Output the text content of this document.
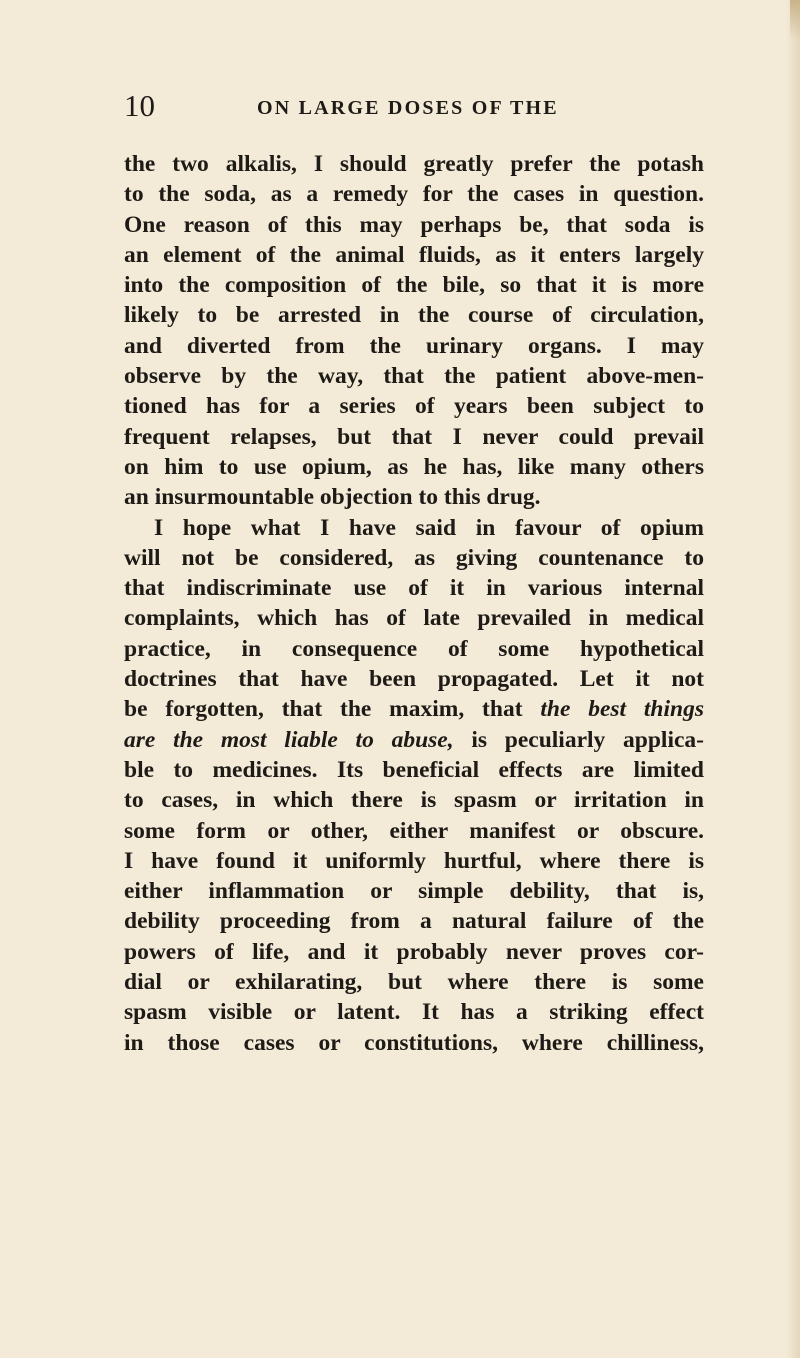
10	ON LARGE DOSES OF THE
the two alkalis, I should greatly prefer the potash
to the soda, as a remedy for the cases in question.
One reason of this may perhaps be, that soda is
an element of the animal fluids, as it enters largely
into the composition of the bile, so that it is more
likely to be arrested in the course of circulation,
and diverted from the urinary organs. I may
observe by the way, that the patient above-men-
tioned has for a series of years been subject to
frequent relapses, but that I never could prevail
on him to use opium, as he has, like many others
an insurmountable objection to this drug.
I hope what I have said in favour of opium
will not be considered, as giving countenance to
that indiscriminate use of it in various internal
complaints, which has of late prevailed in medical
practice, in consequence of some hypothetical
doctrines that have been propagated. Let it not
be forgotten, that the maxim, that the best things
are the most liable to abuse, is peculiarly applica-
ble to medicines. Its beneficial effects are limited
to cases, in which there is spasm or irritation in
some form or other, either manifest or obscure.
I have found it uniformly hurtful, where there is
either inflammation or simple debility, that is,
debility proceeding from a natural failure of the
powers of life, and it probably never proves cor-
dial or exhilarating, but where there is some
spasm visible or latent. It has a striking effect
in those cases or constitutions, where chilliness,
